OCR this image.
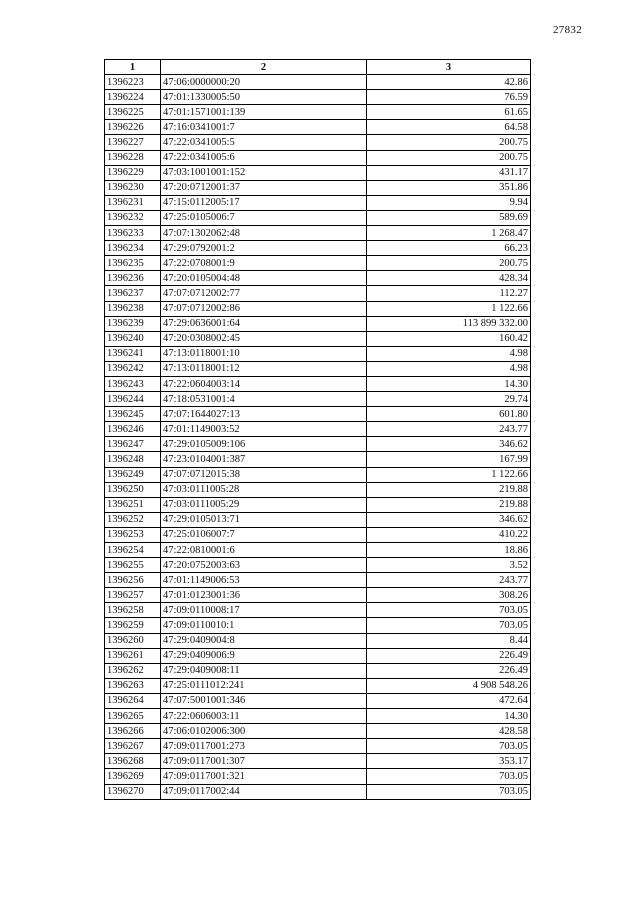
27832
1	2	3
1396223	47:06:0000000:20	42.86
1396224	47:01:1330005:50	76.59
1396225	47:01:1571001:139	61.65
1396226	47:16:0341001:7	64.58
1396227	47:22:0341005:5	200.75
1396228	47:22:0341005:6	200.75
1396229	47:03:1001001:152	431.17
1396230	47:20:0712001:37	351.86
1396231	47:15:0112005:17	9.94
1396232	47:25:0105006:7	589.69
1396233	47:07:1302062:48	1 268.47
1396234	47:29:0792001:2	66.23
1396235	47:22:0708001:9	200.75
1396236	47:20:0105004:48	428.34
1396237	47:07:0712002:77	112.27
1396238	47:07:0712002:86	1 122.66
1396239	47:29:0636001:64	113 899 332.00
1396240	47:20:0308002:45	160.42
1396241	47:13:0118001:10	4.98
1396242	47:13:0118001:12	4.98
1396243	47:22:0604003:14	14.30
1396244	47:18:0531001:4	29.74
1396245	47:07:1644027:13	601.80
1396246	47:01:1149003:52	243.77
1396247	47:29:0105009:106	346.62
1396248	47:23:0104001:387	167.99
1396249	47:07:0712015:38	1 122.66
1396250	47:03:0111005:28	219.88
1396251	47:03:0111005:29	219.88
1396252	47:29:0105013:71	346.62
1396253	47:25:0106007:7	410.22
1396254	47:22:0810001:6	18.86
1396255	47:20:0752003:63	3.52
1396256	47:01:1149006:53	243.77
1396257	47:01:0123001:36	308.26
1396258	47:09:0110008:17	703.05
1396259	47:09:0110010:1	703.05
1396260	47:29:0409004:8	8.44
1396261	47:29:0409006:9	226.49
1396262	47:29:0409008:11	226.49
1396263	47:25:0111012:241	4 908 548.26
1396264	47:07:5001001:346	472.64
1396265	47:22:0606003:11	14.30
1396266	47:06:0102006:300	428.58
1396267	47:09:0117001:273	703.05
1396268	47:09:0117001:307	353.17
1396269	47:09:0117001:321	703.05
1396270	47:09:0117002:44	703.05
